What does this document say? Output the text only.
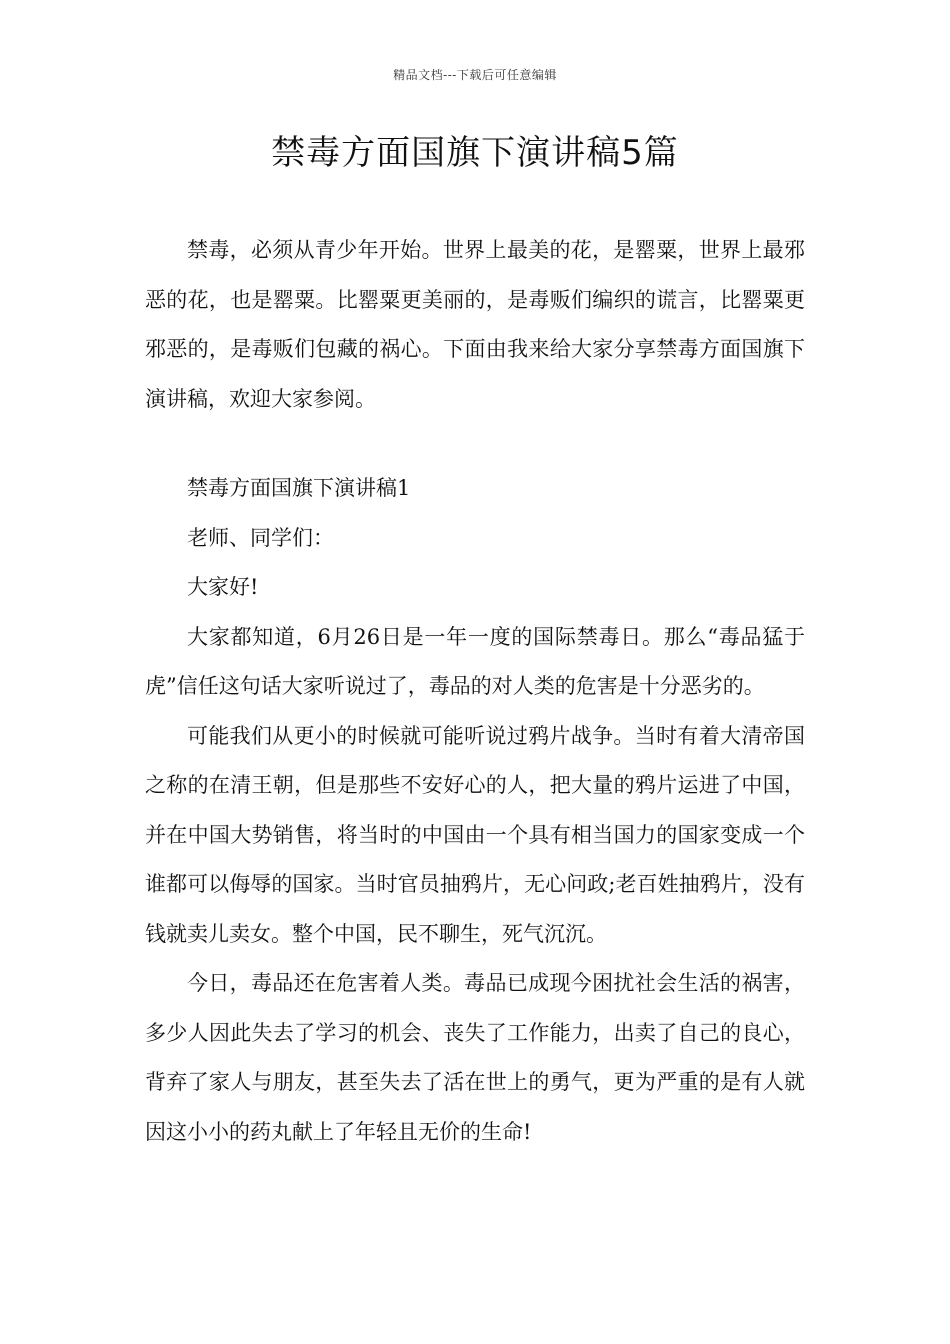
精品文档---下载后可任意编辑
禁毒方面国旗下演讲稿5篇

禁毒，必须从青少年开始。世界上最美的花，是罂粟，世界上最邪恶的花，也是罂粟。比罂粟更美丽的，是毒贩们编织的谎言，比罂粟更邪恶的，是毒贩们包藏的祸心。下面由我来给大家分享禁毒方面国旗下演讲稿，欢迎大家参阅。

禁毒方面国旗下演讲稿1

老师、同学们：

大家好!

大家都知道，6月26日是一年一度的国际禁毒日。那么“毒品猛于虎”信任这句话大家听说过了，毒品的对人类的危害是十分恶劣的。

可能我们从更小的时候就可能听说过鸦片战争。当时有着大清帝国之称的在清王朝，但是那些不安好心的人，把大量的鸦片运进了中国，并在中国大势销售，将当时的中国由一个具有相当国力的国家变成一个谁都可以侮辱的国家。当时官员抽鸦片，无心问政;老百姓抽鸦片，没有钱就卖儿卖女。整个中国，民不聊生，死气沉沉。

今日，毒品还在危害着人类。毒品已成现今困扰社会生活的祸害，多少人因此失去了学习的机会、丧失了工作能力，出卖了自己的良心，背弃了家人与朋友，甚至失去了活在世上的勇气，更为严重的是有人就因这小小的药丸献上了年轻且无价的生命!
